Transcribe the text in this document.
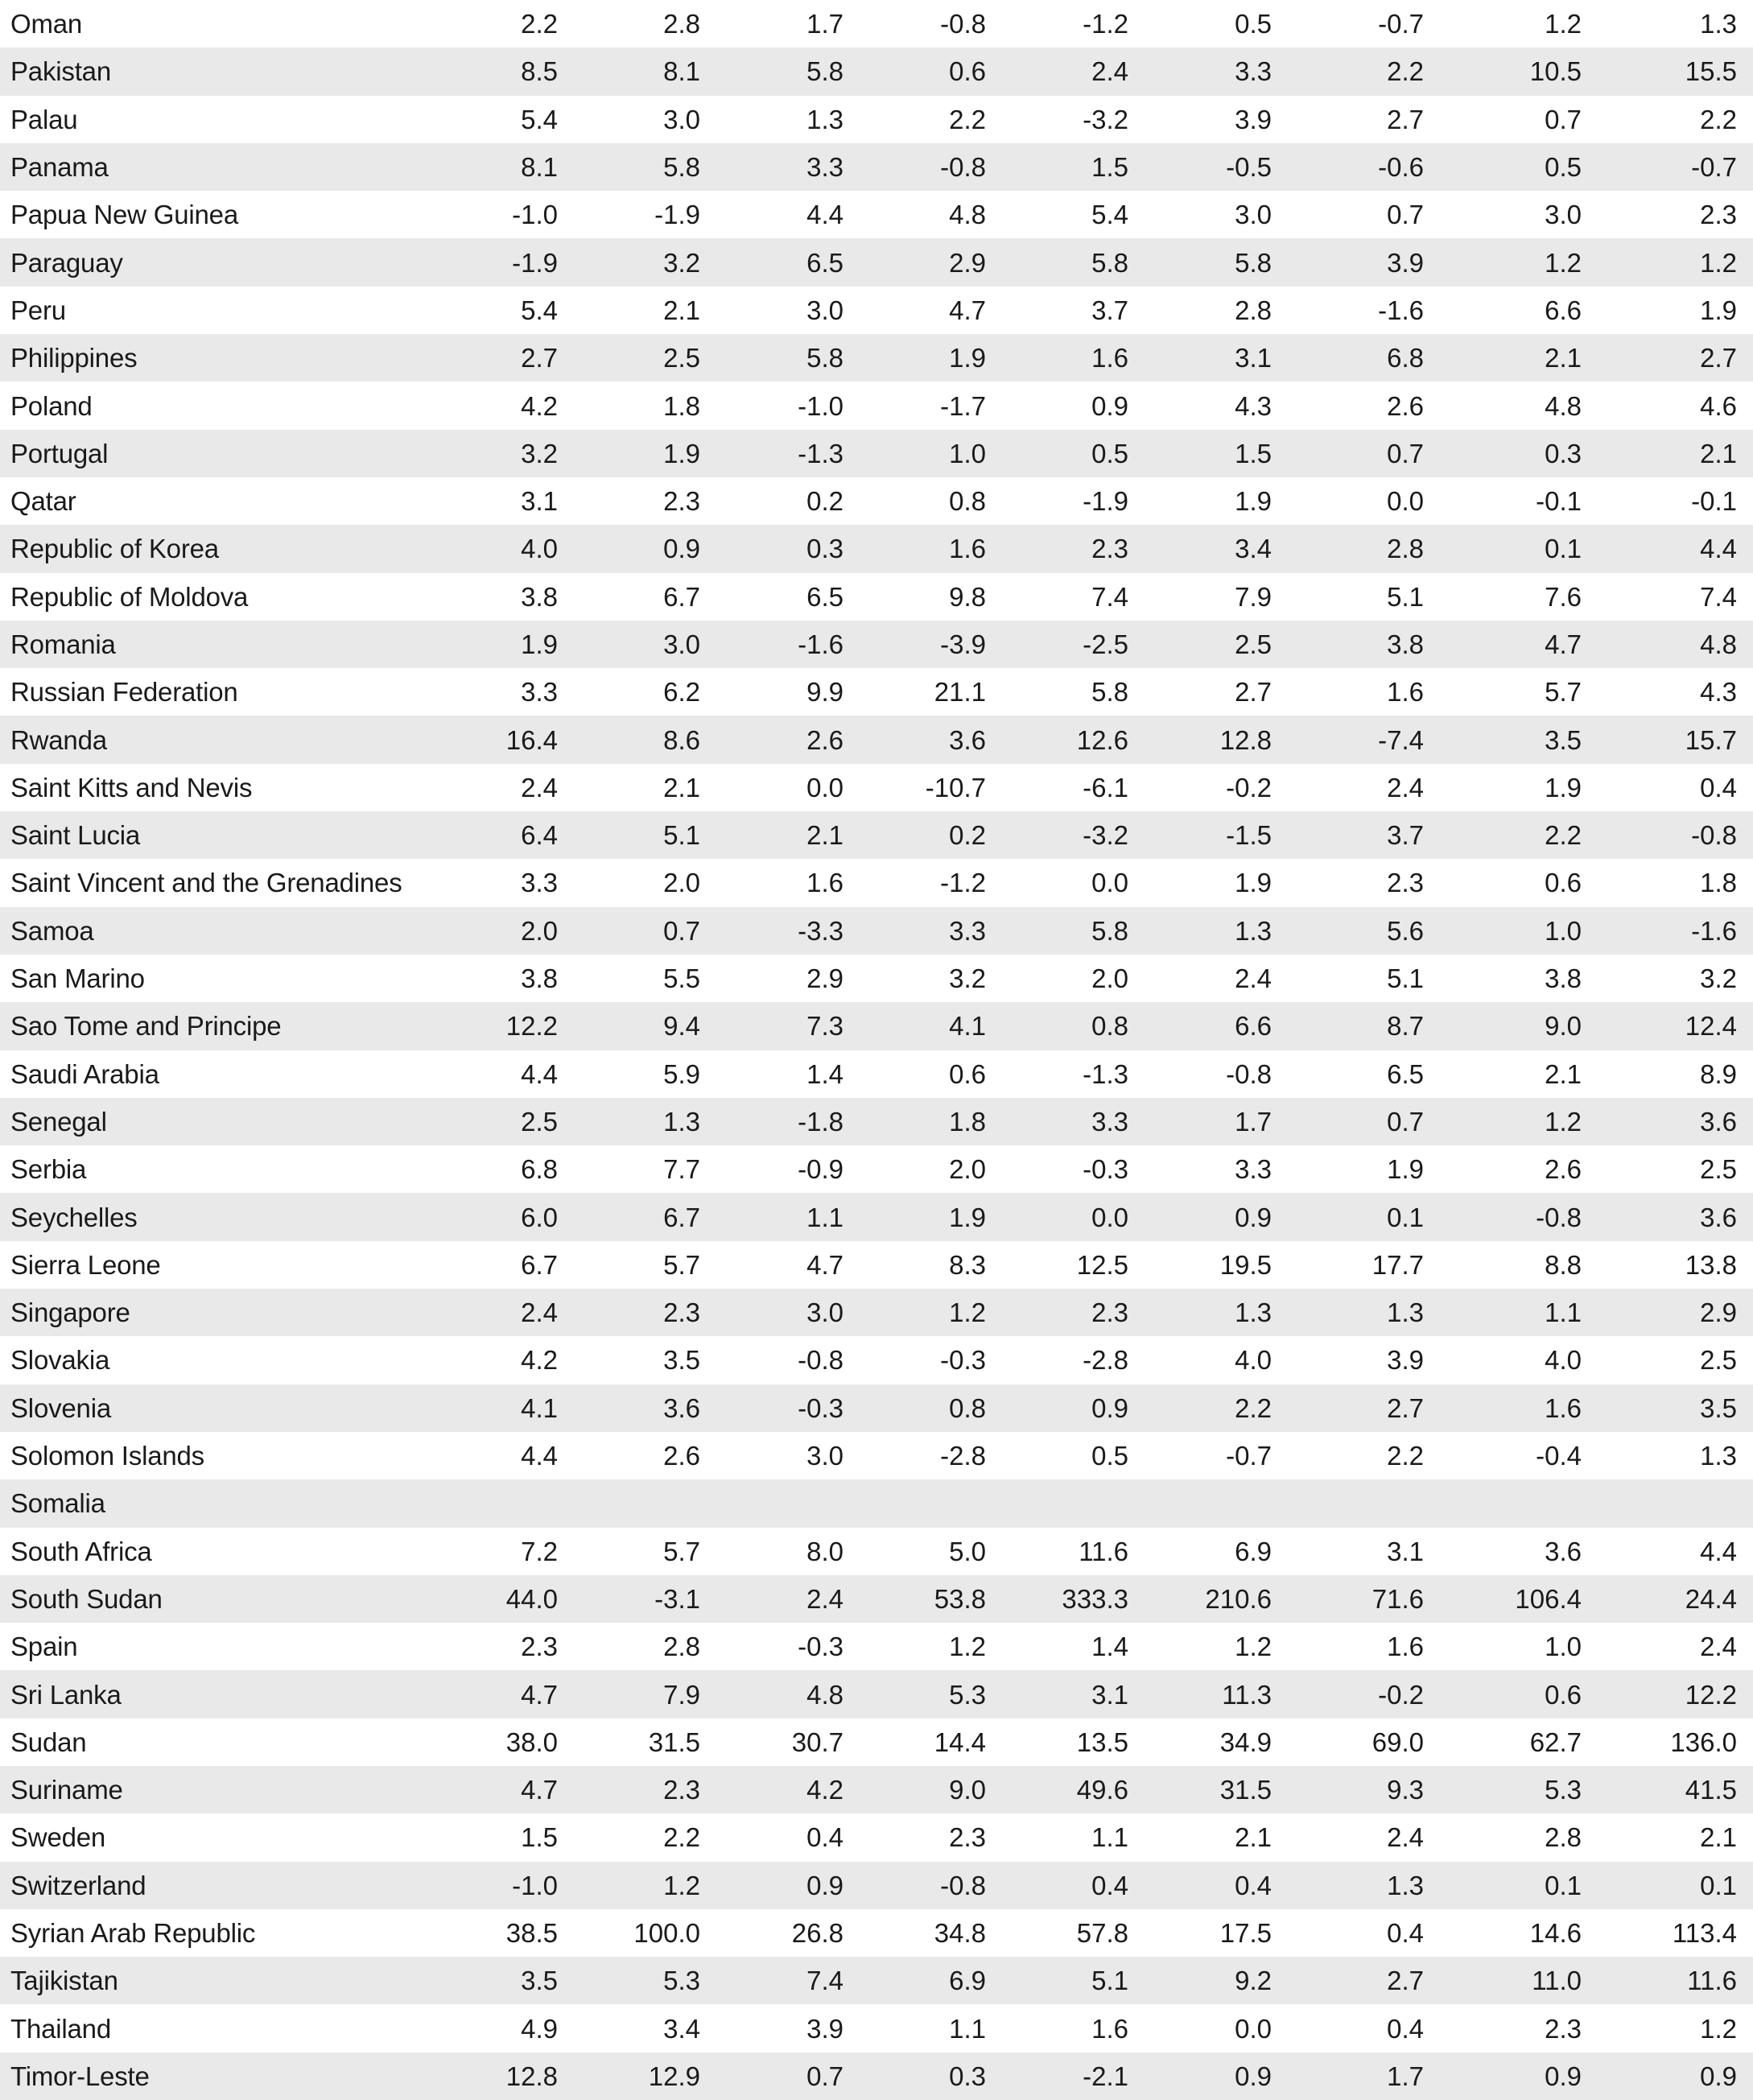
Oman	2.2	2.8	1.7	-0.8	-1.2	0.5	-0.7	1.2	1.3
Pakistan	8.5	8.1	5.8	0.6	2.4	3.3	2.2	10.5	15.5
Palau	5.4	3.0	1.3	2.2	-3.2	3.9	2.7	0.7	2.2
Panama	8.1	5.8	3.3	-0.8	1.5	-0.5	-0.6	0.5	-0.7
Papua New Guinea	-1.0	-1.9	4.4	4.8	5.4	3.0	0.7	3.0	2.3
Paraguay	-1.9	3.2	6.5	2.9	5.8	5.8	3.9	1.2	1.2
Peru	5.4	2.1	3.0	4.7	3.7	2.8	-1.6	6.6	1.9
Philippines	2.7	2.5	5.8	1.9	1.6	3.1	6.8	2.1	2.7
Poland	4.2	1.8	-1.0	-1.7	0.9	4.3	2.6	4.8	4.6
Portugal	3.2	1.9	-1.3	1.0	0.5	1.5	0.7	0.3	2.1
Qatar	3.1	2.3	0.2	0.8	-1.9	1.9	0.0	-0.1	-0.1
Republic of Korea	4.0	0.9	0.3	1.6	2.3	3.4	2.8	0.1	4.4
Republic of Moldova	3.8	6.7	6.5	9.8	7.4	7.9	5.1	7.6	7.4
Romania	1.9	3.0	-1.6	-3.9	-2.5	2.5	3.8	4.7	4.8
Russian Federation	3.3	6.2	9.9	21.1	5.8	2.7	1.6	5.7	4.3
Rwanda	16.4	8.6	2.6	3.6	12.6	12.8	-7.4	3.5	15.7
Saint Kitts and Nevis	2.4	2.1	0.0	-10.7	-6.1	-0.2	2.4	1.9	0.4
Saint Lucia	6.4	5.1	2.1	0.2	-3.2	-1.5	3.7	2.2	-0.8
Saint Vincent and the Grenadines	3.3	2.0	1.6	-1.2	0.0	1.9	2.3	0.6	1.8
Samoa	2.0	0.7	-3.3	3.3	5.8	1.3	5.6	1.0	-1.6
San Marino	3.8	5.5	2.9	3.2	2.0	2.4	5.1	3.8	3.2
Sao Tome and Principe	12.2	9.4	7.3	4.1	0.8	6.6	8.7	9.0	12.4
Saudi Arabia	4.4	5.9	1.4	0.6	-1.3	-0.8	6.5	2.1	8.9
Senegal	2.5	1.3	-1.8	1.8	3.3	1.7	0.7	1.2	3.6
Serbia	6.8	7.7	-0.9	2.0	-0.3	3.3	1.9	2.6	2.5
Seychelles	6.0	6.7	1.1	1.9	0.0	0.9	0.1	-0.8	3.6
Sierra Leone	6.7	5.7	4.7	8.3	12.5	19.5	17.7	8.8	13.8
Singapore	2.4	2.3	3.0	1.2	2.3	1.3	1.3	1.1	2.9
Slovakia	4.2	3.5	-0.8	-0.3	-2.8	4.0	3.9	4.0	2.5
Slovenia	4.1	3.6	-0.3	0.8	0.9	2.2	2.7	1.6	3.5
Solomon Islands	4.4	2.6	3.0	-2.8	0.5	-0.7	2.2	-0.4	1.3
Somalia
South Africa	7.2	5.7	8.0	5.0	11.6	6.9	3.1	3.6	4.4
South Sudan	44.0	-3.1	2.4	53.8	333.3	210.6	71.6	106.4	24.4
Spain	2.3	2.8	-0.3	1.2	1.4	1.2	1.6	1.0	2.4
Sri Lanka	4.7	7.9	4.8	5.3	3.1	11.3	-0.2	0.6	12.2
Sudan	38.0	31.5	30.7	14.4	13.5	34.9	69.0	62.7	136.0
Suriname	4.7	2.3	4.2	9.0	49.6	31.5	9.3	5.3	41.5
Sweden	1.5	2.2	0.4	2.3	1.1	2.1	2.4	2.8	2.1
Switzerland	-1.0	1.2	0.9	-0.8	0.4	0.4	1.3	0.1	0.1
Syrian Arab Republic	38.5	100.0	26.8	34.8	57.8	17.5	0.4	14.6	113.4
Tajikistan	3.5	5.3	7.4	6.9	5.1	9.2	2.7	11.0	11.6
Thailand	4.9	3.4	3.9	1.1	1.6	0.0	0.4	2.3	1.2
Timor-Leste	12.8	12.9	0.7	0.3	-2.1	0.9	1.7	0.9	0.9
